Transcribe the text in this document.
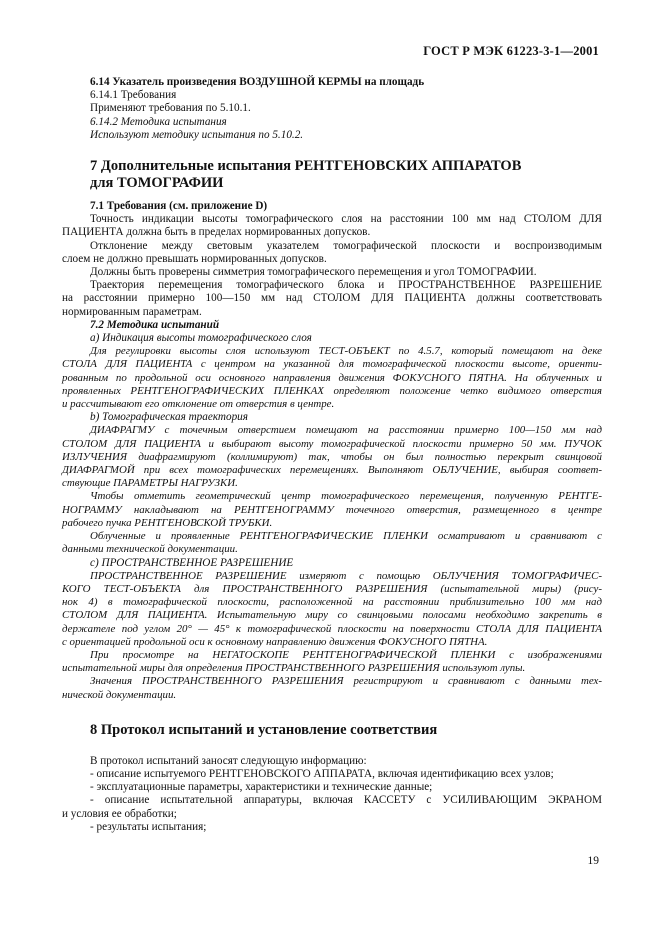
ГОСТ Р МЭК 61223-3-1—2001
6.14 Указатель произведения ВОЗДУШНОЙ КЕРМЫ на площадь
6.14.1 Требования
Применяют требования по 5.10.1.
6.14.2 Методика испытания
Используют методику испытания по 5.10.2.
7 Дополнительные испытания РЕНТГЕНОВСКИХ АППАРАТОВ
для ТОМОГРАФИИ
7.1 Требования (см. приложение D)
Точность индикации высоты томографического слоя на расстоянии 100 мм над СТОЛОМ ДЛЯ
ПАЦИЕНТА должна быть в пределах нормированных допусков.
Отклонение между световым указателем томографической плоскости и воспроизводимым
слоем не должно превышать нормированных допусков.
Должны быть проверены симметрия томографического перемещения и угол ТОМОГРАФИИ.
Траектория перемещения томографического блока и ПРОСТРАНСТВЕННОЕ РАЗРЕШЕНИЕ
на расстоянии примерно 100—150 мм над СТОЛОМ ДЛЯ ПАЦИЕНТА должны соответствовать
нормированным параметрам.
7.2 Методика испытаний
а) Индикация высоты томографического слоя
Для регулировки высоты слоя используют ТЕСТ-ОБЪЕКТ по 4.5.7, который помещают на деке
СТОЛА ДЛЯ ПАЦИЕНТА с центром на указанной для томографической плоскости высоте, ориенти-
рованным по продольной оси основного направления движения ФОКУСНОГО ПЯТНА. На облученных и
проявленных РЕНТГЕНОГРАФИЧЕСКИХ ПЛЕНКАХ определяют положение четко видимого отверстия
и рассчитывают его отклонение от отверстия в центре.
b) Томографическая траектория
ДИАФРАГМУ с точечным отверстием помещают на расстоянии примерно 100—150 мм над
СТОЛОМ ДЛЯ ПАЦИЕНТА и выбирают высоту томографической плоскости примерно 50 мм. ПУЧОК
ИЗЛУЧЕНИЯ диафрагмируют (коллимируют) так, чтобы он был полностью перекрыт свинцовой
ДИАФРАГМОЙ при всех томографических перемещениях. Выполняют ОБЛУЧЕНИЕ, выбирая соответ-
ствующие ПАРАМЕТРЫ НАГРУЗКИ.
Чтобы отметить геометрический центр томографического перемещения, полученную РЕНТГЕ-
НОГРАММУ накладывают на РЕНТГЕНОГРАММУ точечного отверстия, размещенного в центре
рабочего пучка РЕНТГЕНОВСКОЙ ТРУБКИ.
Облученные и проявленные РЕНТГЕНОГРАФИЧЕСКИЕ ПЛЕНКИ осматривают и сравнивают с
данными технической документации.
с) ПРОСТРАНСТВЕННОЕ РАЗРЕШЕНИЕ
ПРОСТРАНСТВЕННОЕ РАЗРЕШЕНИЕ измеряют с помощью ОБЛУЧЕНИЯ ТОМОГРАФИЧЕС-
КОГО ТЕСТ-ОБЪЕКТА для ПРОСТРАНСТВЕННОГО РАЗРЕШЕНИЯ (испытательной миры) (рису-
нок 4) в томографической плоскости, расположенной на расстоянии приблизительно 100 мм над
СТОЛОМ ДЛЯ ПАЦИЕНТА. Испытательную миру со свинцовыми полосами необходимо закрепить в
держателе под углом 20° — 45° к томографической плоскости на поверхности СТОЛА ДЛЯ ПАЦИЕНТА
с ориентацией продольной оси к основному направлению движения ФОКУСНОГО ПЯТНА.
При просмотре на НЕГАТОСКОПЕ РЕНТГЕНОГРАФИЧЕСКОЙ ПЛЕНКИ с изображениями
испытательной миры для определения ПРОСТРАНСТВЕННОГО РАЗРЕШЕНИЯ используют лупы.
Значения ПРОСТРАНСТВЕННОГО РАЗРЕШЕНИЯ регистрируют и сравнивают с данными тех-
нической документации.
8 Протокол испытаний и установление соответствия
В протокол испытаний заносят следующую информацию:
- описание испытуемого РЕНТГЕНОВСКОГО АППАРАТА, включая идентификацию всех узлов;
- эксплуатационные параметры, характеристики и технические данные;
- описание испытательной аппаратуры, включая КАССЕТУ с УСИЛИВАЮЩИМ ЭКРАНОМ
и условия ее обработки;
- результаты испытания;
19
